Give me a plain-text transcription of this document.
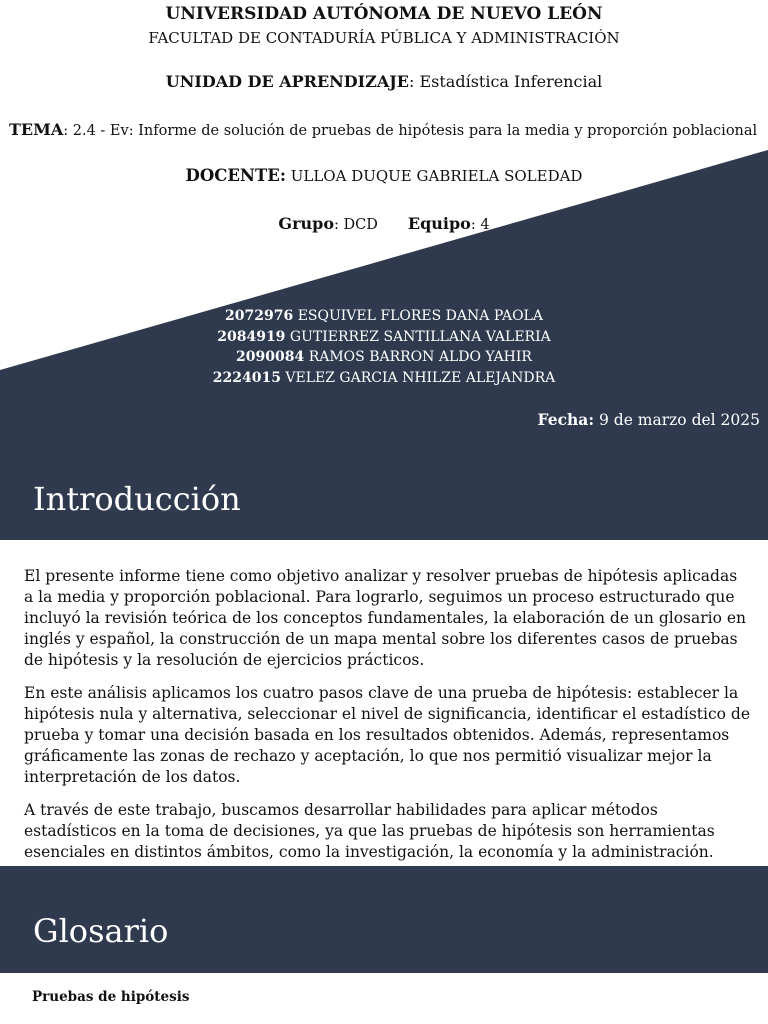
UNIVERSIDAD AUTÓNOMA DE NUEVO LEÓN
FACULTAD DE CONTADURÍA PÚBLICA Y ADMINISTRACIÓN
UNIDAD DE APRENDIZAJE: Estadística Inferencial
TEMA: 2.4 - Ev: Informe de solución de pruebas de hipótesis para la media y proporción poblacional
DOCENTE: ULLOA DUQUE GABRIELA SOLEDAD
Grupo: DCD Equipo: 4
2072976 ESQUIVEL FLORES DANA PAOLA
2084919 GUTIERREZ SANTILLANA VALERIA
2090084 RAMOS BARRON ALDO YAHIR
2224015 VELEZ GARCIA NHILZE ALEJANDRA
Fecha: 9 de marzo del 2025
Introducción

El presente informe tiene como objetivo analizar y resolver pruebas de hipótesis aplicadas a la media y proporción poblacional. Para lograrlo, seguimos un proceso estructurado que incluyó la revisión teórica de los conceptos fundamentales, la elaboración de un glosario en inglés y español, la construcción de un mapa mental sobre los diferentes casos de pruebas de hipótesis y la resolución de ejercicios prácticos.

En este análisis aplicamos los cuatro pasos clave de una prueba de hipótesis: establecer la hipótesis nula y alternativa, seleccionar el nivel de significancia, identificar el estadístico de prueba y tomar una decisión basada en los resultados obtenidos. Además, representamos gráficamente las zonas de rechazo y aceptación, lo que nos permitió visualizar mejor la interpretación de los datos.

A través de este trabajo, buscamos desarrollar habilidades para aplicar métodos estadísticos en la toma de decisiones, ya que las pruebas de hipótesis son herramientas esenciales en distintos ámbitos, como la investigación, la economía y la administración.

Glosario
Pruebas de hipótesis
